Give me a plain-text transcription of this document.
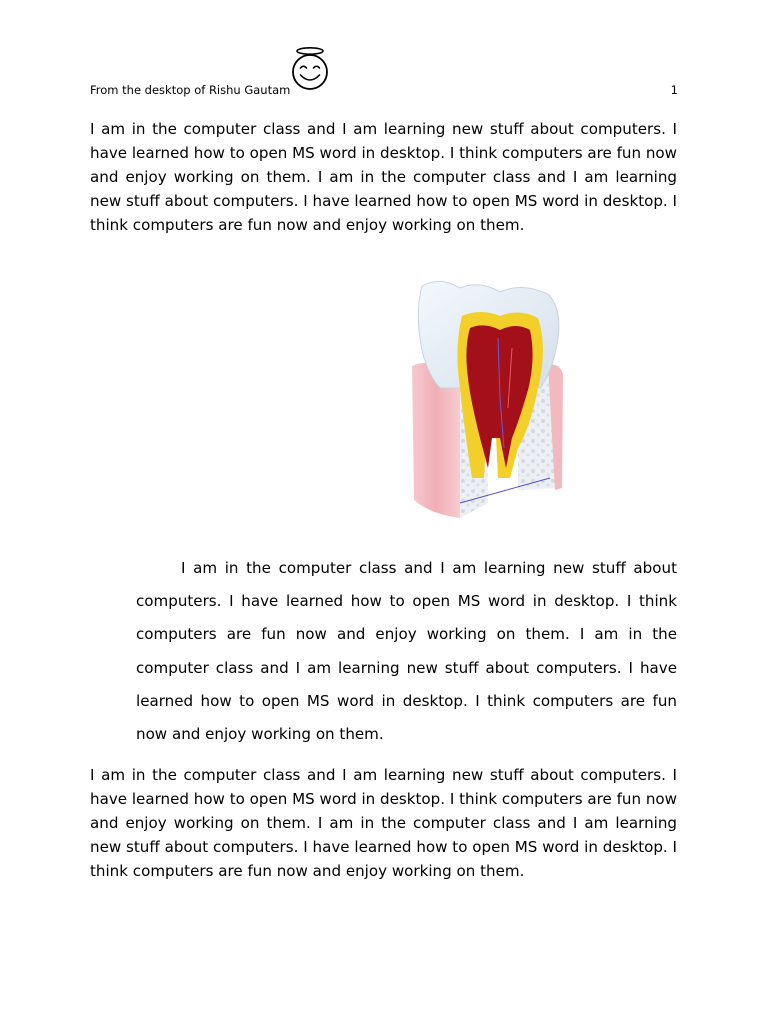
From the desktop of Rishu Gautam	1

I am in the computer class and I am learning new stuff about computers. I have learned how to open MS word in desktop. I think computers are fun now and enjoy working on them. I am in the computer class and I am learning new stuff about computers. I have learned how to open MS word in desktop. I think computers are fun now and enjoy working on them.

I am in the computer class and I am learning new stuff about computers. I have learned how to open MS word in desktop. I think computers are fun now and enjoy working on them. I am in the computer class and I am learning new stuff about computers. I have learned how to open MS word in desktop. I think computers are fun now and enjoy working on them.

I am in the computer class and I am learning new stuff about computers. I have learned how to open MS word in desktop. I think computers are fun now and enjoy working on them. I am in the computer class and I am learning new stuff about computers. I have learned how to open MS word in desktop. I think computers are fun now and enjoy working on them.
